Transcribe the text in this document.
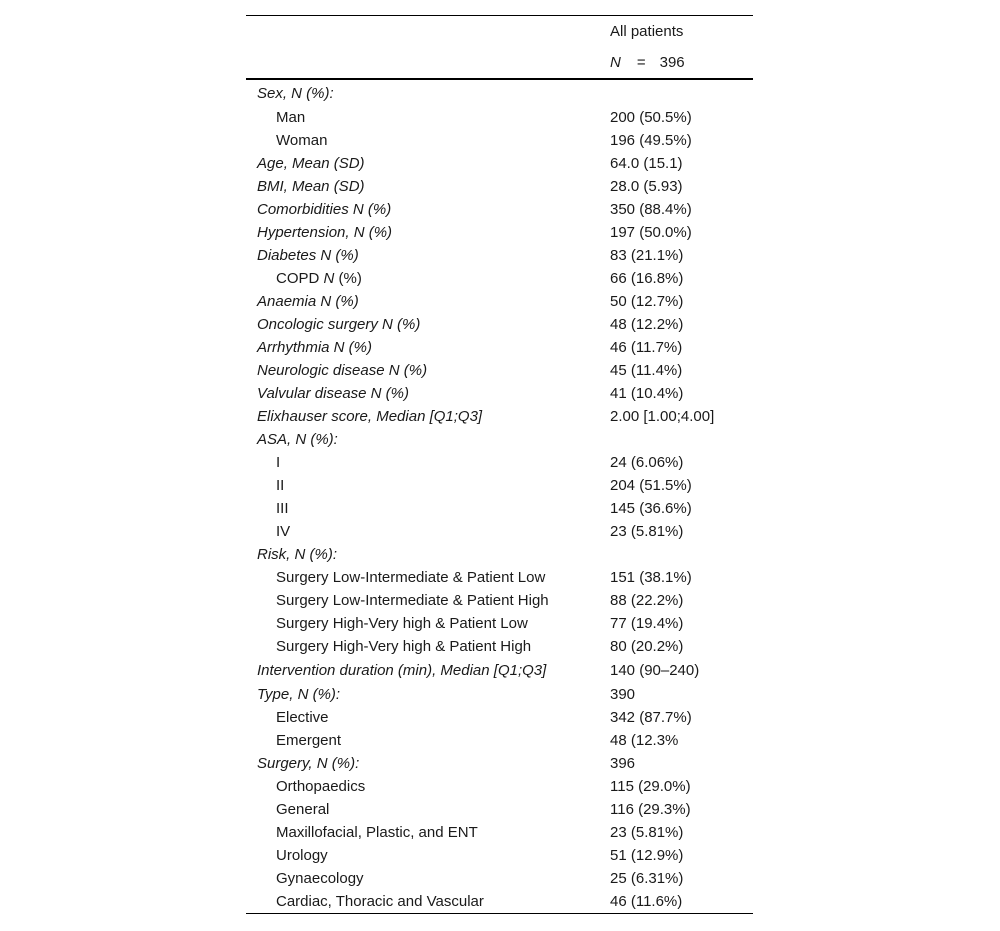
All patients
N = 396
Sex, N (%):
Man	200 (50.5%)
Woman	196 (49.5%)
Age, Mean (SD)	64.0 (15.1)
BMI, Mean (SD)	28.0 (5.93)
Comorbidities N (%)	350 (88.4%)
Hypertension, N (%)	197 (50.0%)
Diabetes N (%)	83 (21.1%)
COPD N (%)	66 (16.8%)
Anaemia N (%)	50 (12.7%)
Oncologic surgery N (%)	48 (12.2%)
Arrhythmia N (%)	46 (11.7%)
Neurologic disease N (%)	45 (11.4%)
Valvular disease N (%)	41 (10.4%)
Elixhauser score, Median [Q1;Q3]	2.00 [1.00;4.00]
ASA, N (%):
I	24 (6.06%)
II	204 (51.5%)
III	145 (36.6%)
IV	23 (5.81%)
Risk, N (%):
Surgery Low-Intermediate & Patient Low	151 (38.1%)
Surgery Low-Intermediate & Patient High	88 (22.2%)
Surgery High-Very high & Patient Low	77 (19.4%)
Surgery High-Very high & Patient High	80 (20.2%)
Intervention duration (min), Median [Q1;Q3]	140 (90–240)
Type, N (%):	390
Elective	342 (87.7%)
Emergent	48 (12.3%
Surgery, N (%):	396
Orthopaedics	115 (29.0%)
General	116 (29.3%)
Maxillofacial, Plastic, and ENT	23 (5.81%)
Urology	51 (12.9%)
Gynaecology	25 (6.31%)
Cardiac, Thoracic and Vascular	46 (11.6%)
